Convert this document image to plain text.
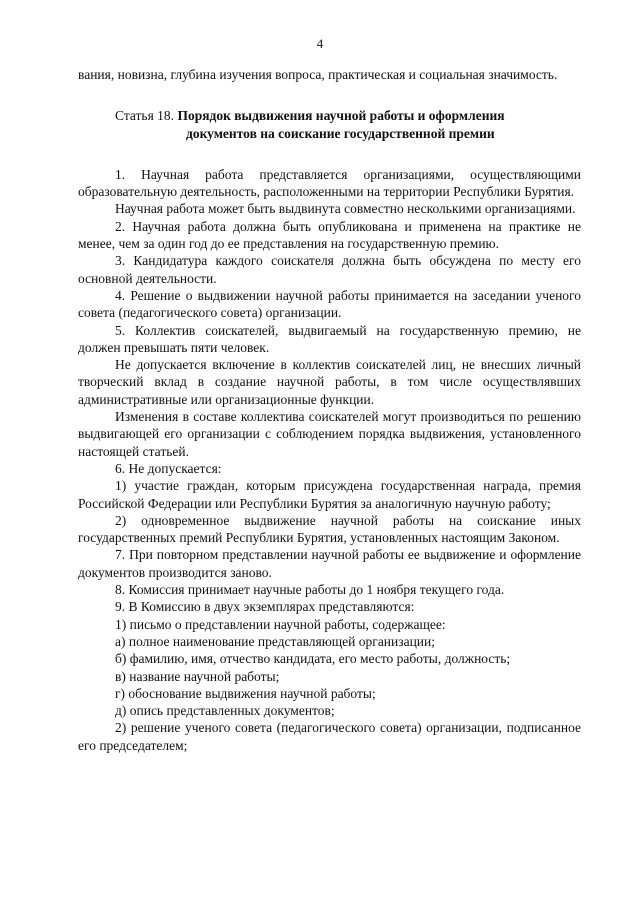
4

вания, новизна, глубина изучения вопроса, практическая и социальная значимость.

Статья 18. Порядок выдвижения научной работы и оформления
документов на соискание государственной премии

1. Научная работа представляется организациями, осуществляющими образовательную деятельность, расположенными на территории Республики Бурятия.

Научная работа может быть выдвинута совместно несколькими организациями.

2. Научная работа должна быть опубликована и применена на практике не менее, чем за один год до ее представления на государственную премию.

3. Кандидатура каждого соискателя должна быть обсуждена по месту его основной деятельности.

4. Решение о выдвижении научной работы принимается на заседании ученого совета (педагогического совета) организации.

5. Коллектив соискателей, выдвигаемый на государственную премию, не должен превышать пяти человек.

Не допускается включение в коллектив соискателей лиц, не внесших личный творческий вклад в создание научной работы, в том числе осуществлявших административные или организационные функции.

Изменения в составе коллектива соискателей могут производиться по решению выдвигающей его организации с соблюдением порядка выдвижения, установленного настоящей статьей.

6. Не допускается:

1) участие граждан, которым присуждена государственная награда, премия Российской Федерации или Республики Бурятия за аналогичную научную работу;

2) одновременное выдвижение научной работы на соискание иных государственных премий Республики Бурятия, установленных настоящим Законом.

7. При повторном представлении научной работы ее выдвижение и оформление документов производится заново.

8. Комиссия принимает научные работы до 1 ноября текущего года.

9. В Комиссию в двух экземплярах представляются:

1) письмо о представлении научной работы, содержащее:

а) полное наименование представляющей организации;

б) фамилию, имя, отчество кандидата, его место работы, должность;

в) название научной работы;

г) обоснование выдвижения научной работы;

д) опись представленных документов;

2) решение ученого совета (педагогического совета) организации, подписанное его председателем;
